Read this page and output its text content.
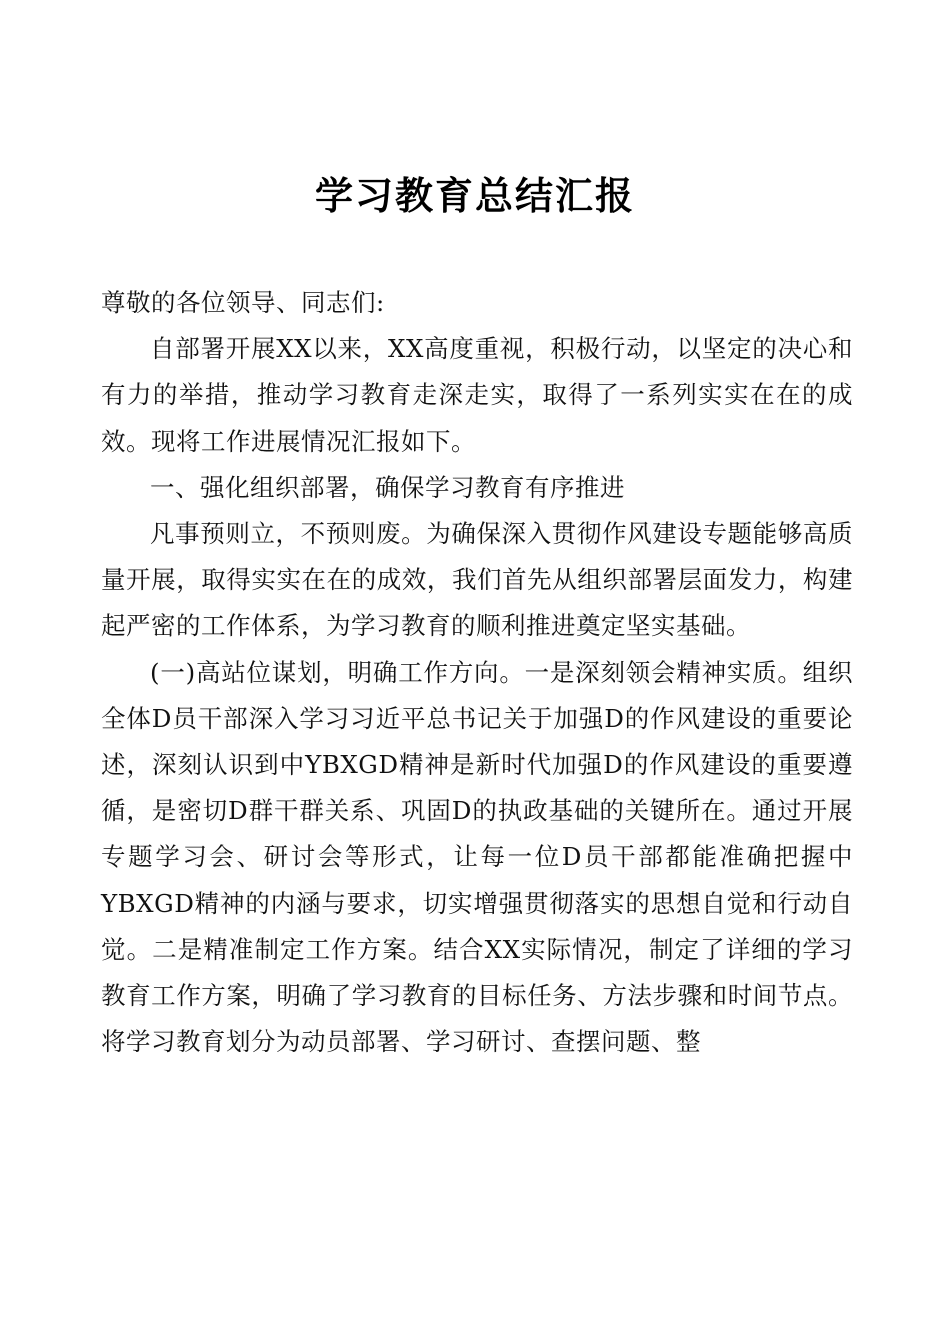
学习教育总结汇报

尊敬的各位领导、同志们:

自部署开展XX以来，XX高度重视，积极行动，以坚定的决心和有力的举措，推动学习教育走深走实，取得了一系列实实在在的成效。现将工作进展情况汇报如下。

一、强化组织部署，确保学习教育有序推进

凡事预则立，不预则废。为确保深入贯彻作风建设专题能够高质量开展，取得实实在在的成效，我们首先从组织部署层面发力，构建起严密的工作体系，为学习教育的顺利推进奠定坚实基础。

(一)高站位谋划，明确工作方向。一是深刻领会精神实质。组织全体D员干部深入学习习近平总书记关于加强D的作风建设的重要论述，深刻认识到中YBXGD精神是新时代加强D的作风建设的重要遵循，是密切D群干群关系、巩固D的执政基础的关键所在。通过开展专题学习会、研讨会等形式，让每一位D员干部都能准确把握中YBXGD精神的内涵与要求，切实增强贯彻落实的思想自觉和行动自觉。二是精准制定工作方案。结合XX实际情况，制定了详细的学习教育工作方案，明确了学习教育的目标任务、方法步骤和时间节点。将学习教育划分为动员部署、学习研讨、查摆问题、整
